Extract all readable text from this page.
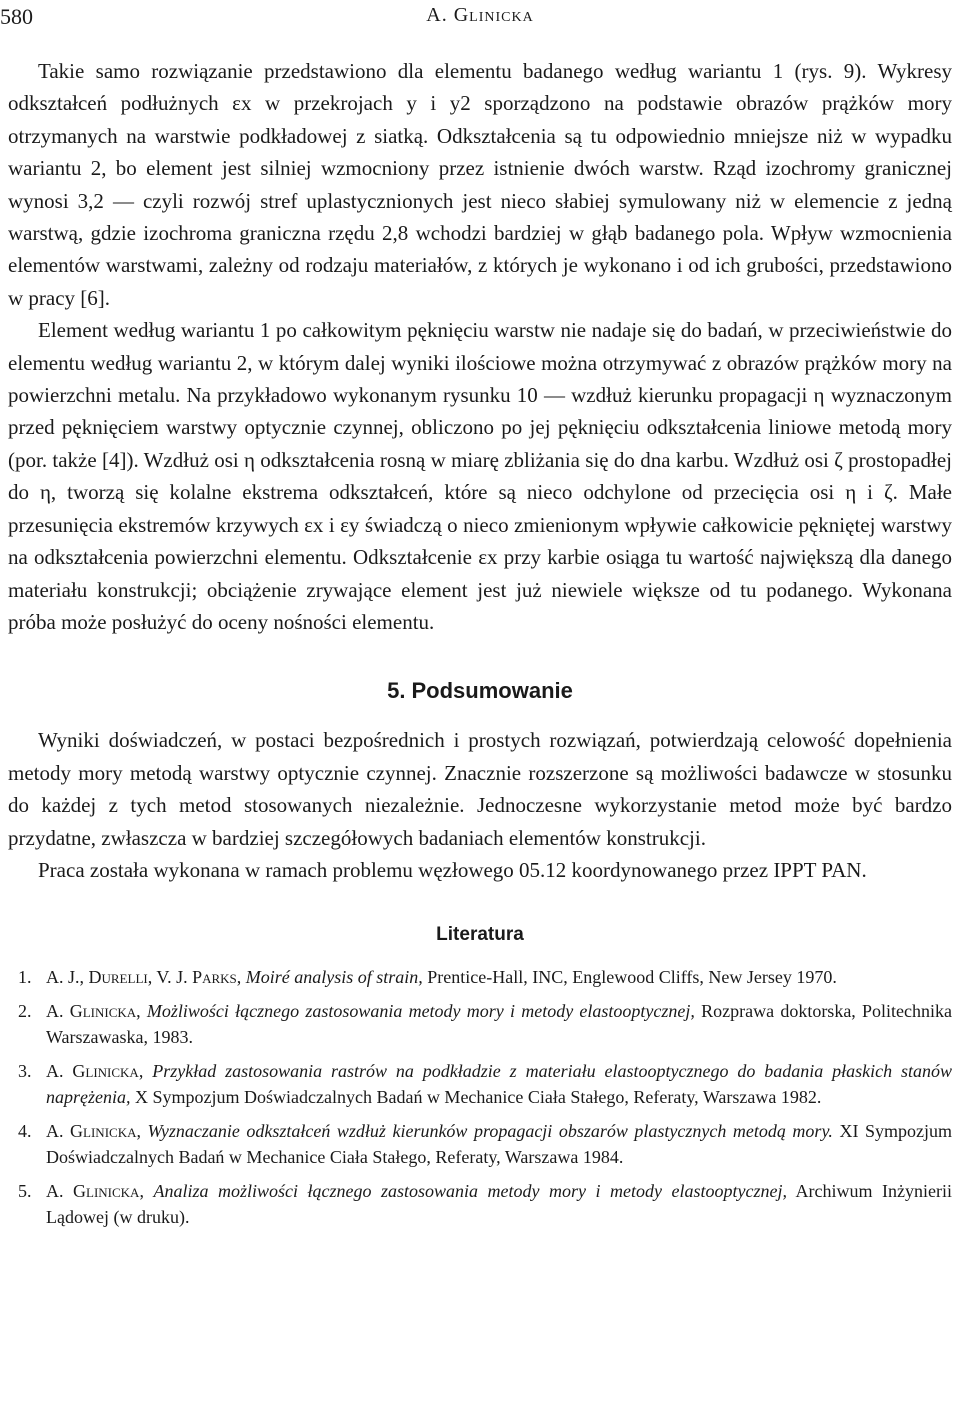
580	A. Glinicka

Takie samo rozwiązanie przedstawiono dla elementu badanego według wariantu 1 (rys. 9). Wykresy odkształceń podłużnych εx w przekrojach y i y2 sporządzono na podstawie obrazów prążków mory otrzymanych na warstwie podkładowej z siatką. Odkształcenia są tu odpowiednio mniejsze niż w wypadku wariantu 2, bo element jest silniej wzmocniony przez istnienie dwóch warstw. Rząd izochromy granicznej wynosi 3,2 — czyli rozwój stref uplastycznionych jest nieco słabiej symulowany niż w elemencie z jedną warstwą, gdzie izochroma graniczna rzędu 2,8 wchodzi bardziej w głąb badanego pola. Wpływ wzmocnienia elementów warstwami, zależny od rodzaju materiałów, z których je wykonano i od ich grubości, przedstawiono w pracy [6].

Element według wariantu 1 po całkowitym pęknięciu warstw nie nadaje się do badań, w przeciwieństwie do elementu według wariantu 2, w którym dalej wyniki ilościowe można otrzymywać z obrazów prążków mory na powierzchni metalu. Na przykładowo wykonanym rysunku 10 — wzdłuż kierunku propagacji η wyznaczonym przed pęknięciem warstwy optycznie czynnej, obliczono po jej pęknięciu odkształcenia liniowe metodą mory (por. także [4]). Wzdłuż osi η odkształcenia rosną w miarę zbliżania się do dna karbu. Wzdłuż osi ζ prostopadłej do η, tworzą się kolalne ekstrema odkształceń, które są nieco odchylone od przecięcia osi η i ζ. Małe przesunięcia ekstremów krzywych εx i εy świadczą o nieco zmienionym wpływie całkowicie pękniętej warstwy na odkształcenia powierzchni elementu. Odkształcenie εx przy karbie osiąga tu wartość największą dla danego materiału konstrukcji; obciążenie zrywające element jest już niewiele większe od tu podanego. Wykonana próba może posłużyć do oceny nośności elementu.

5. Podsumowanie

Wyniki doświadczeń, w postaci bezpośrednich i prostych rozwiązań, potwierdzają celowość dopełnienia metody mory metodą warstwy optycznie czynnej. Znacznie rozszerzone są możliwości badawcze w stosunku do każdej z tych metod stosowanych niezależnie. Jednoczesne wykorzystanie metod może być bardzo przydatne, zwłaszcza w bardziej szczegółowych badaniach elementów konstrukcji.

Praca została wykonana w ramach problemu węzłowego 05.12 koordynowanego przez IPPT PAN.

Literatura
1. A. J., Durelli, V. J. Parks, Moiré analysis of strain, Prentice-Hall, INC, Englewood Cliffs, New Jersey 1970.
2. A. Glinicka, Możliwości łącznego zastosowania metody mory i metody elastooptycznej, Rozprawa doktorska, Politechnika Warszawaska, 1983.
3. A. Glinicka, Przykład zastosowania rastrów na podkładzie z materiału elastooptycznego do badania płaskich stanów naprężenia, X Sympozjum Doświadczalnych Badań w Mechanice Ciała Stałego, Referaty, Warszawa 1982.
4. A. Glinicka, Wyznaczanie odkształceń wzdłuż kierunków propagacji obszarów plastycznych metodą mory. XI Sympozjum Doświadczalnych Badań w Mechanice Ciała Stałego, Referaty, Warszawa 1984.
5. A. Glinicka, Analiza możliwości łącznego zastosowania metody mory i metody elastooptycznej, Archiwum Inżynierii Lądowej (w druku).
